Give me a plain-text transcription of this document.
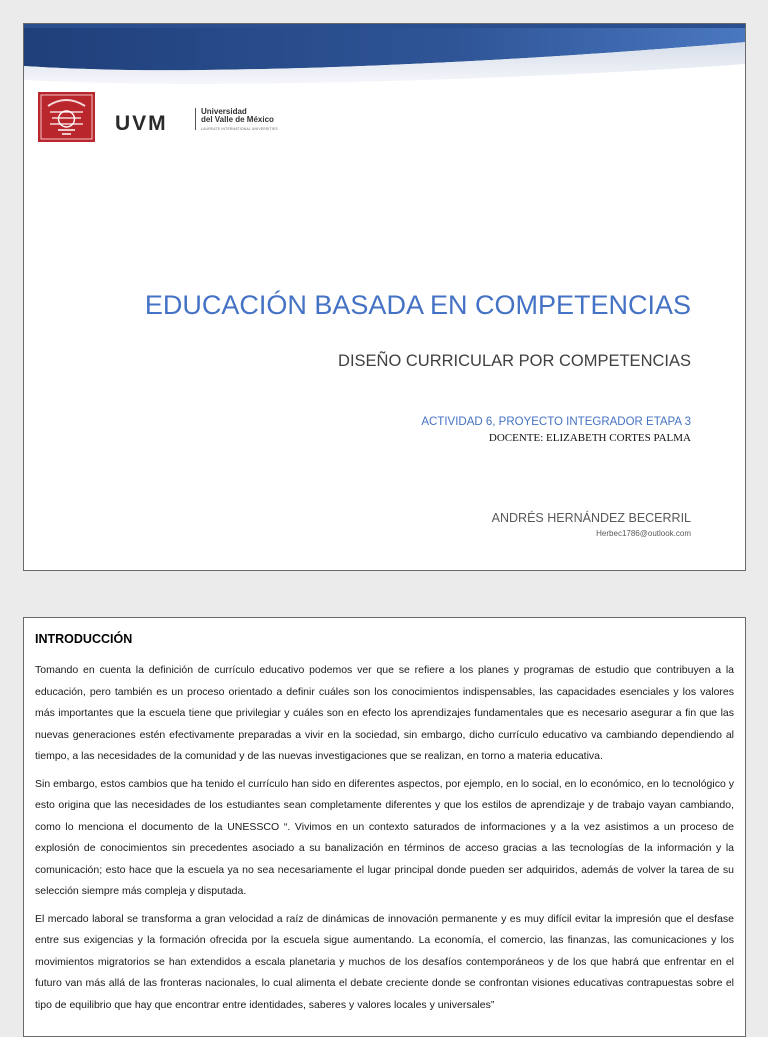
UVM
Universidad
del Valle de México
LAUREATE INTERNATIONAL UNIVERSITIES
EDUCACIÓN BASADA EN COMPETENCIAS
DISEÑO CURRICULAR POR COMPETENCIAS
ACTIVIDAD 6, PROYECTO INTEGRADOR ETAPA 3
DOCENTE: ELIZABETH CORTES PALMA
ANDRÉS HERNÁNDEZ BECERRIL
Herbec1786@outlook.com
INTRODUCCIÓN

Tomando en cuenta la definición de currículo educativo podemos ver que se refiere a los planes y programas de estudio que contribuyen a la educación, pero también es un proceso orientado a definir cuáles son los conocimientos indispensables, las capacidades esenciales y los valores más importantes que la escuela tiene que privilegiar y cuáles son en efecto los aprendizajes fundamentales que es necesario asegurar a fin que las nuevas generaciones estén efectivamente preparadas a vivir en la sociedad, sin embargo, dicho currículo educativo va cambiando dependiendo al tiempo, a las necesidades de la comunidad y de las nuevas investigaciones que se realizan, en torno a materia educativa.

Sin embargo, estos cambios que ha tenido el currículo han sido en diferentes aspectos, por ejemplo, en lo social, en lo económico, en lo tecnológico y esto origina que las necesidades de los estudiantes sean completamente diferentes y que los estilos de aprendizaje y de trabajo vayan cambiando, como lo menciona el documento de la UNESSCO “. Vivimos en un contexto saturados de informaciones y a la vez asistimos a un proceso de explosión de conocimientos sin precedentes asociado a su banalización en términos de acceso gracias a las tecnologías de la información y la comunicación; esto hace que la escuela ya no sea necesariamente el lugar principal donde pueden ser adquiridos, además de volver la tarea de su selección siempre más compleja y disputada.

El mercado laboral se transforma a gran velocidad a raíz de dinámicas de innovación permanente y es muy difícil evitar la impresión que el desfase entre sus exigencias y la formación ofrecida por la escuela sigue aumentando. La economía, el comercio, las finanzas, las comunicaciones y los movimientos migratorios se han extendidos a escala planetaria y muchos de los desafíos contemporáneos y de los que habrá que enfrentar en el futuro van más allá de las fronteras nacionales, lo cual alimenta el debate creciente donde se confrontan visiones educativas contrapuestas sobre el tipo de equilibrio que hay que encontrar entre identidades, saberes y valores locales y universales”
